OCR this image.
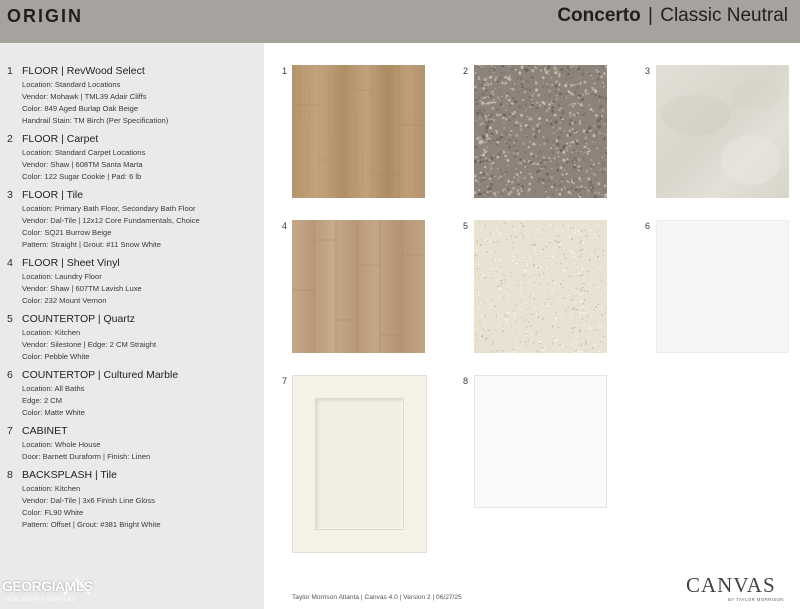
ORIGIN	Concerto | Classic Neutral
1 FLOOR | RevWood Select
Location: Standard Locations
Vendor: Mohawk | TML39 Adair Cliffs
Color: 849 Aged Burlap Oak Beige
Handrail Stain: TM Birch (Per Specification)
2 FLOOR | Carpet
Location: Standard Carpet Locations
Vendor: Shaw | 608TM Santa Marta
Color: 122 Sugar Cookie | Pad: 6 lb
3 FLOOR | Tile
Location: Primary Bath Floor, Secondary Bath Floor
Vendor: Dal-Tile | 12x12 Core Fundamentals, Choice
Color: SQ21 Burrow Beige
Pattern: Straight | Grout: #11 Snow White
4 FLOOR | Sheet Vinyl
Location: Laundry Floor
Vendor: Shaw | 607TM Lavish Luxe
Color: 232 Mount Vernon
5 COUNTERTOP | Quartz
Location: Kitchen
Vendor: Silestone | Edge: 2 CM Straight
Color: Pebble White
6 COUNTERTOP | Cultured Marble
Location: All Baths
Edge: 2 CM
Color: Matte White
7 CABINET
Location: Whole House
Door: Barnett Duraform | Finish: Linen
8 BACKSPLASH | Tile
Location: Kitchen
Vendor: Dal-Tile | 3x6 Finish Line Gloss
Color: FL90 White
Pattern: Offset | Grout: #381 Bright White
GEORGIAMLS
REAL ESTATE SERVICES
1	2	3
4	5	6
7	8
Taylor Morrison Atlanta | Canvas 4.0 | Version 2 | 06/27/25
CANVAS
BY TAYLOR MORRISON
